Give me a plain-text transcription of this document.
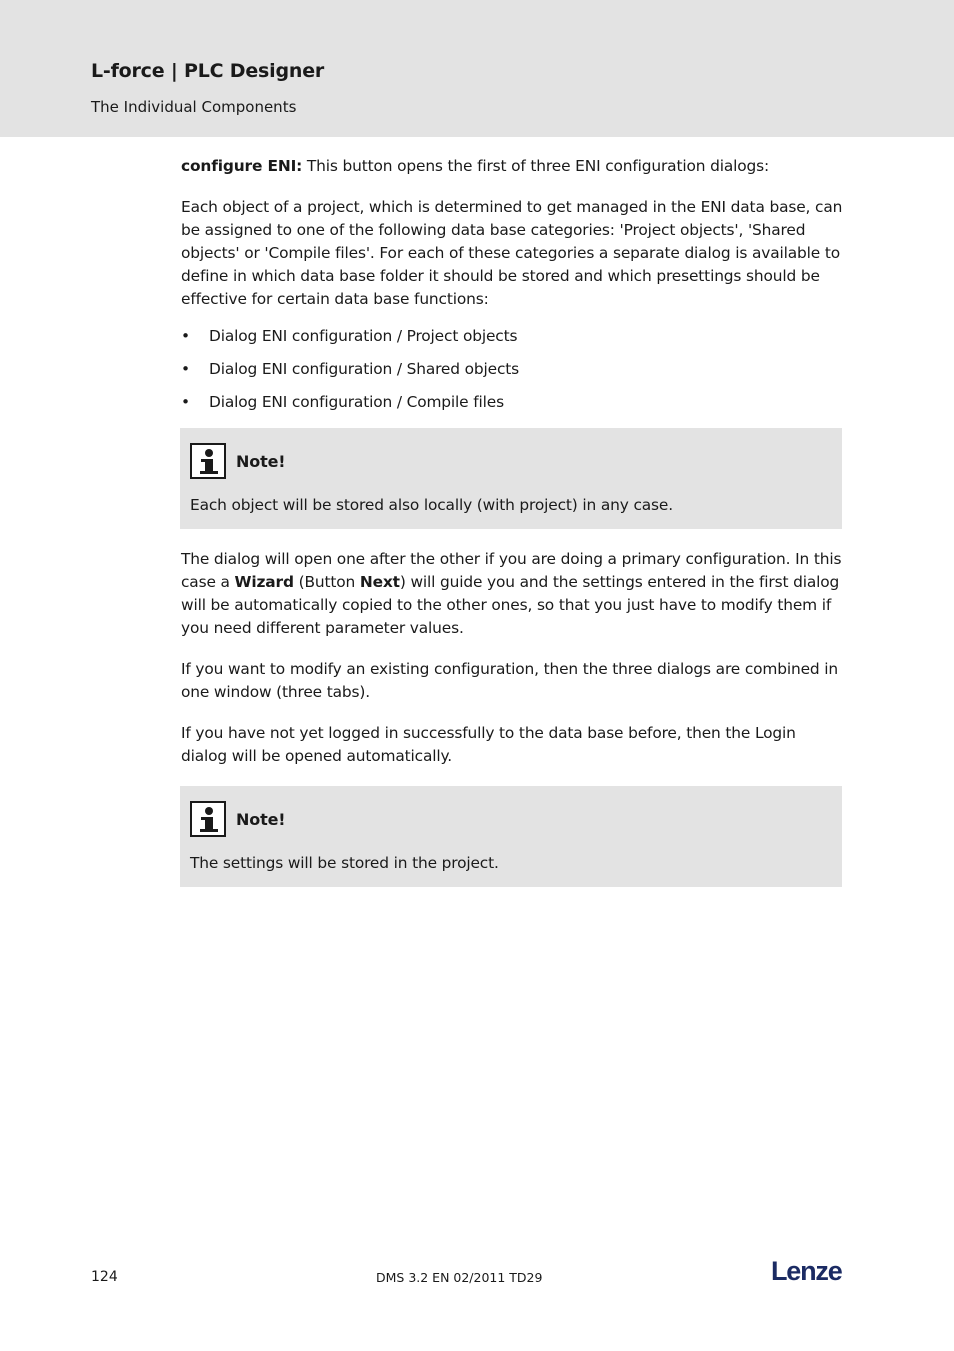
L-force | PLC Designer
The Individual Components

configure ENI: This button opens the first of three ENI configuration dialogs:

Each object of a project, which is determined to get managed in the ENI data base, can be assigned to one of the following data base categories: 'Project objects', 'Shared objects' or 'Compile files'. For each of these categories a separate dialog is available to define in which data base folder it should be stored and which presettings should be effective for certain data base functions:

•	Dialog ENI configuration / Project objects
•	Dialog ENI configuration / Shared objects
•	Dialog ENI configuration / Compile files
Note!
Each object will be stored also locally (with project) in any case.

The dialog will open one after the other if you are doing a primary configuration. In this case a Wizard (Button Next) will guide you and the settings entered in the first dialog will be automatically copied to the other ones, so that you just have to modify them if you need different parameter values.

If you want to modify an existing configuration, then the three dialogs are combined in one window (three tabs).

If you have not yet logged in successfully to the data base before, then the Login dialog will be opened automatically.

Note!
The settings will be stored in the project.
124	DMS 3.2 EN 02/2011 TD29	Lenze
